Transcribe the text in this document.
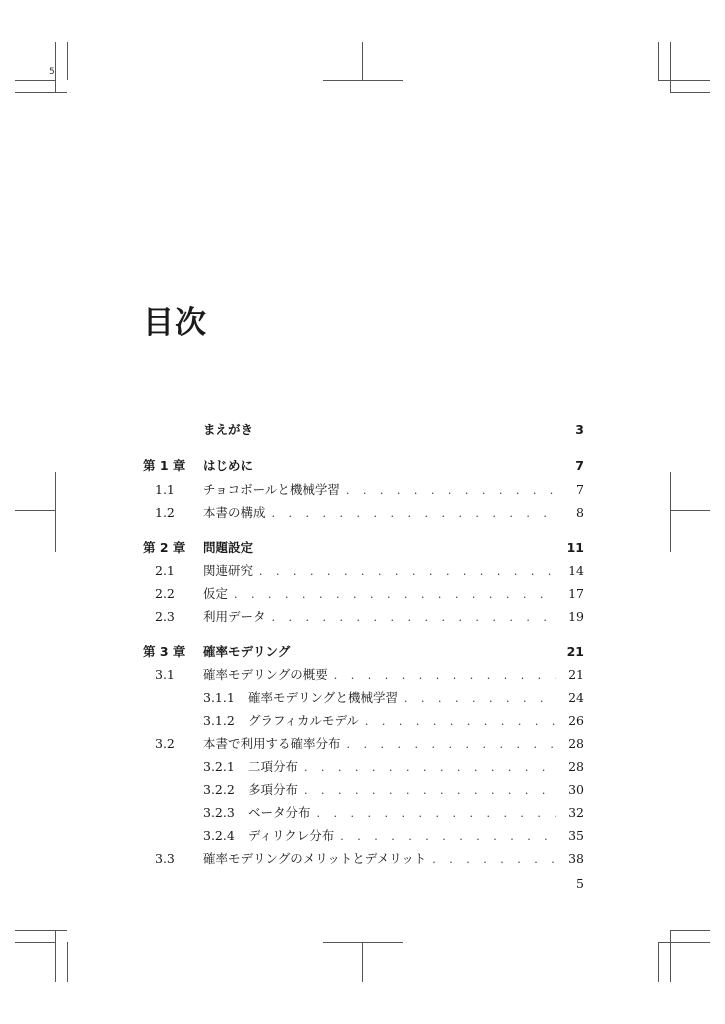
5
目次
まえがき	3
第 1 章	はじめに	7
1.1	チョコボールと機械学習 . . .	7
1.2	本書の構成 . . .	8
第 2 章	問題設定	11
2.1	関連研究 . . .	14
2.2	仮定 . . .	17
2.3	利用データ . . .	19
第 3 章	確率モデリング	21
3.1	確率モデリングの概要 . . .	21
3.1.1	確率モデリングと機械学習 . . .	24
3.1.2	グラフィカルモデル . . .	26
3.2	本書で利用する確率分布 . . .	28
3.2.1	二項分布 . . .	28
3.2.2	多項分布 . . .	30
3.2.3	ベータ分布 . . .	32
3.2.4	ディリクレ分布 . . .	35
3.3	確率モデリングのメリットとデメリット . . .	38
5
